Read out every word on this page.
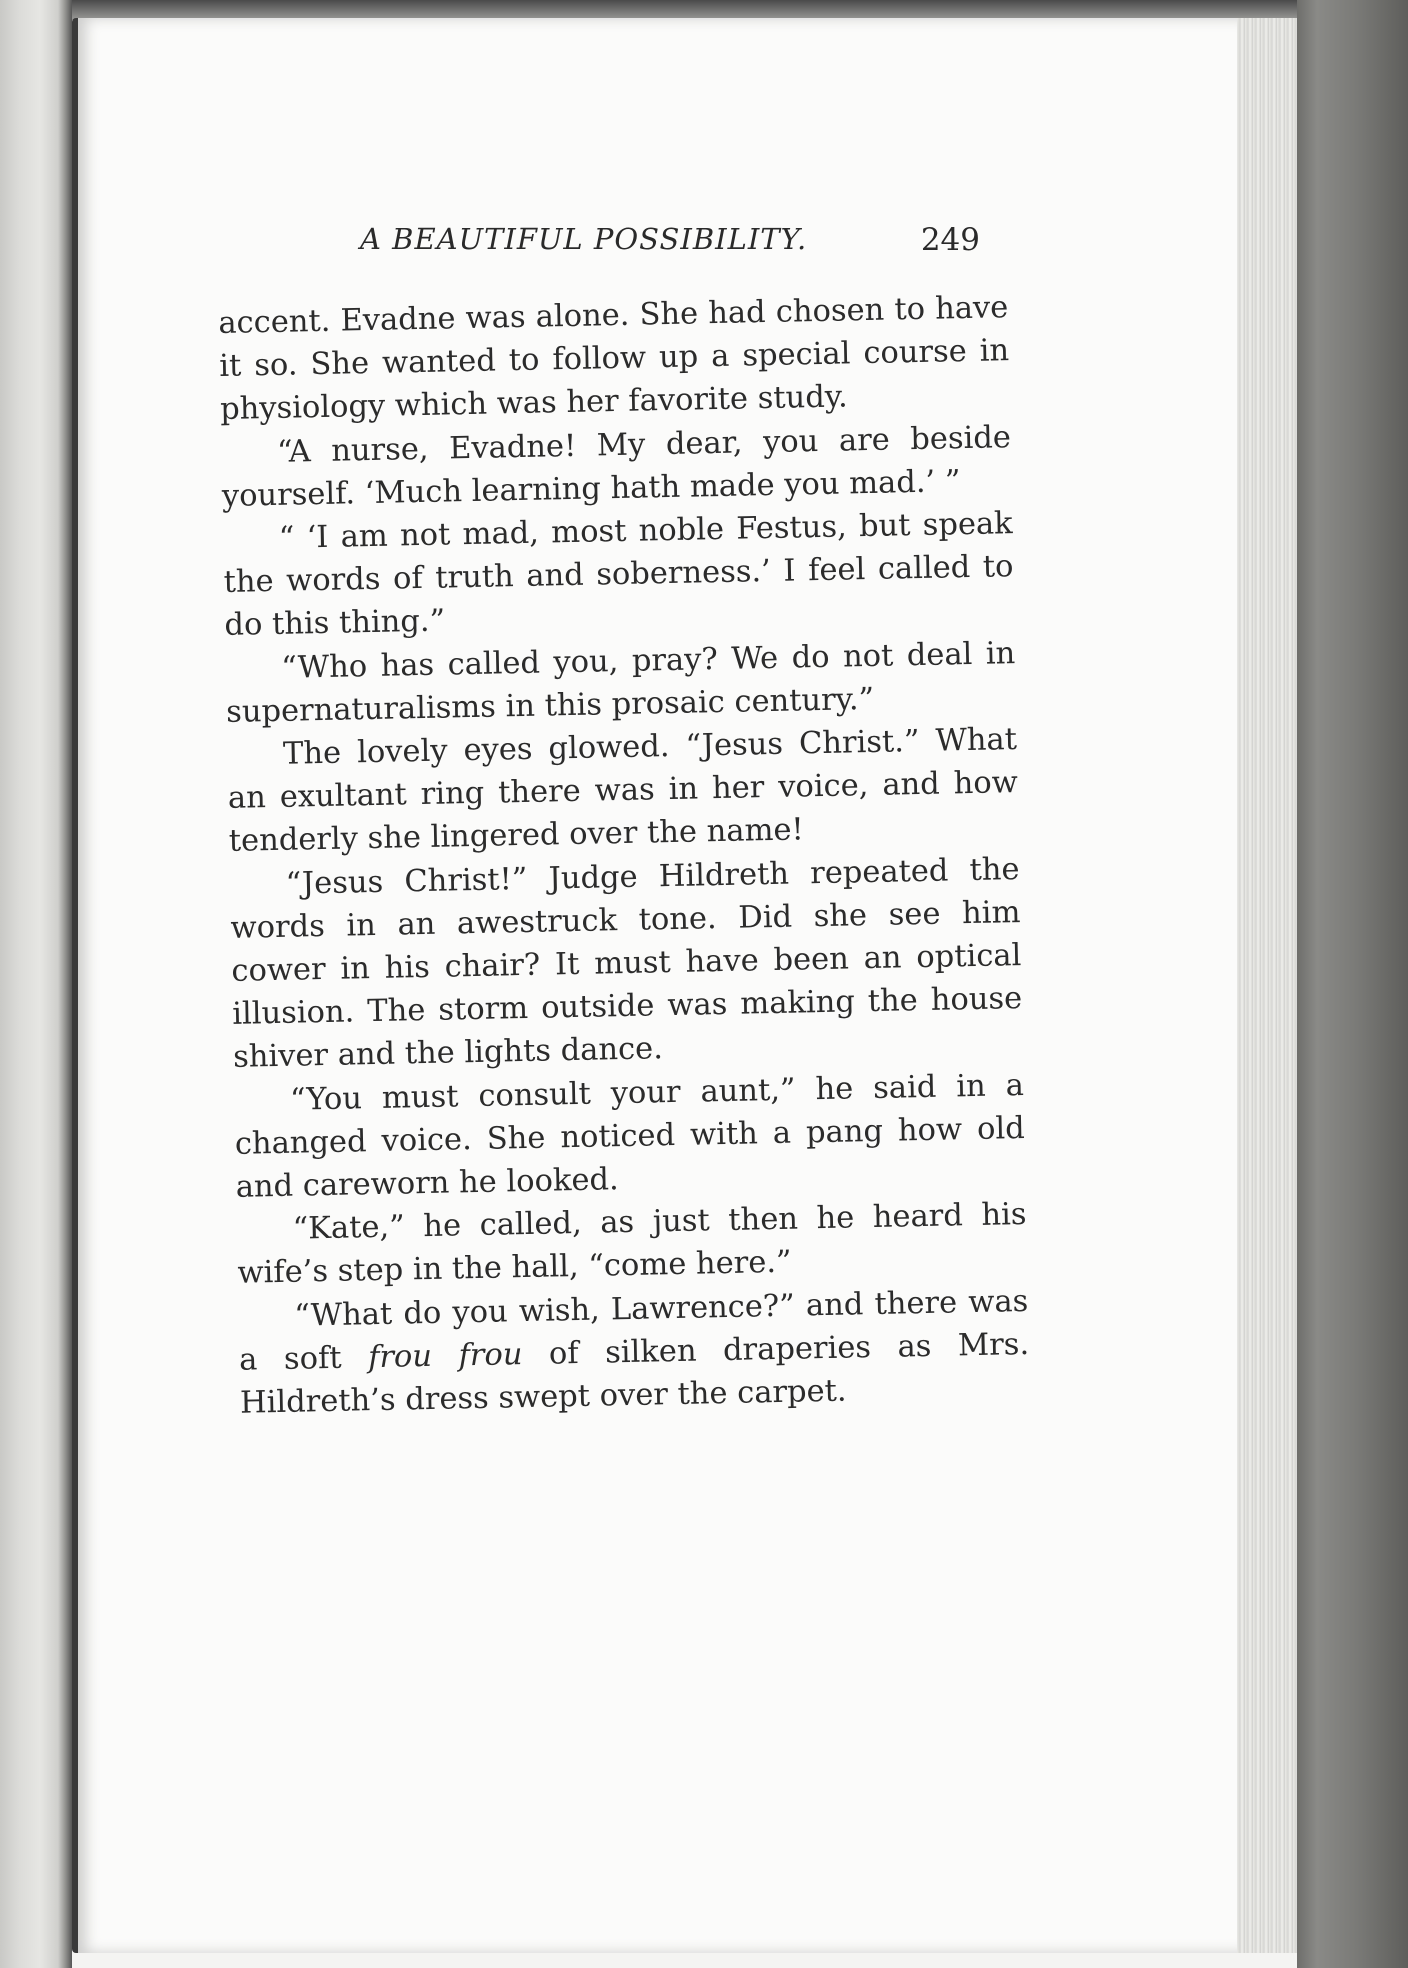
A BEAUTIFUL POSSIBILITY.	249

accent. Evadne was alone. She had chosen to have it so. She wanted to follow up a special course in physiology which was her favorite study.

“A nurse, Evadne! My dear, you are beside yourself. ‘Much learning hath made you mad.’ ”

“ ‘I am not mad, most noble Festus, but speak the words of truth and soberness.’ I feel called to do this thing.”

“Who has called you, pray? We do not deal in supernaturalisms in this prosaic century.”

The lovely eyes glowed. “Jesus Christ.” What an exultant ring there was in her voice, and how tenderly she lingered over the name!

“Jesus Christ!” Judge Hildreth repeated the words in an awestruck tone. Did she see him cower in his chair? It must have been an optical illusion. The storm outside was making the house shiver and the lights dance.

“You must consult your aunt,” he said in a changed voice. She noticed with a pang how old and careworn he looked.

“Kate,” he called, as just then he heard his wife’s step in the hall, “come here.”

“What do you wish, Lawrence?” and there was a soft frou frou of silken draperies as Mrs. Hildreth’s dress swept over the carpet.
